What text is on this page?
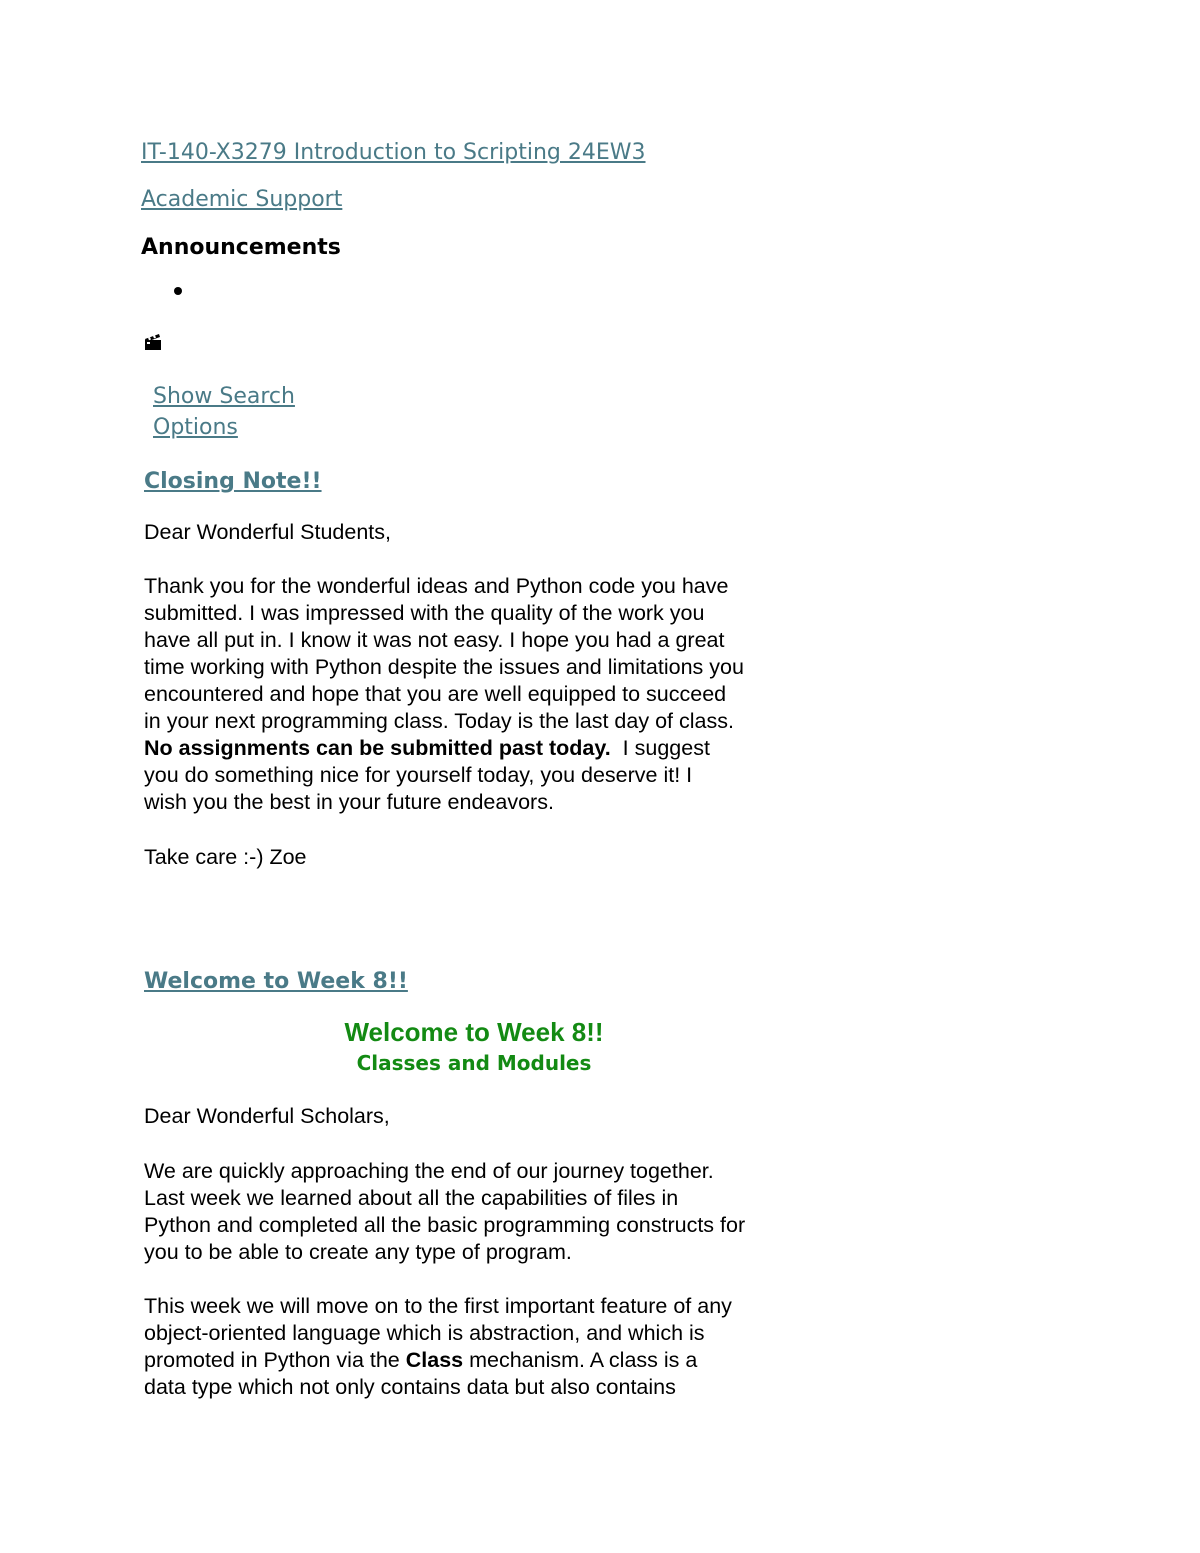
IT-140-X3279 Introduction to Scripting 24EW3
Academic Support
Announcements
Show Search
Options
Closing Note!!
Dear Wonderful Students,
Thank you for the wonderful ideas and Python code you have
submitted. I was impressed with the quality of the work you
have all put in. I know it was not easy. I hope you had a great
time working with Python despite the issues and limitations you
encountered and hope that you are well equipped to succeed
in your next programming class. Today is the last day of class.
No assignments can be submitted past today.  I suggest
you do something nice for yourself today, you deserve it! I
wish you the best in your future endeavors.
Take care :-) Zoe
Welcome to Week 8!!
Welcome to Week 8!!
Classes and Modules
Dear Wonderful Scholars,
We are quickly approaching the end of our journey together.
Last week we learned about all the capabilities of files in
Python and completed all the basic programming constructs for
you to be able to create any type of program.
This week we will move on to the first important feature of any
object-oriented language which is abstraction, and which is
promoted in Python via the Class mechanism. A class is a
data type which not only contains data but also contains
